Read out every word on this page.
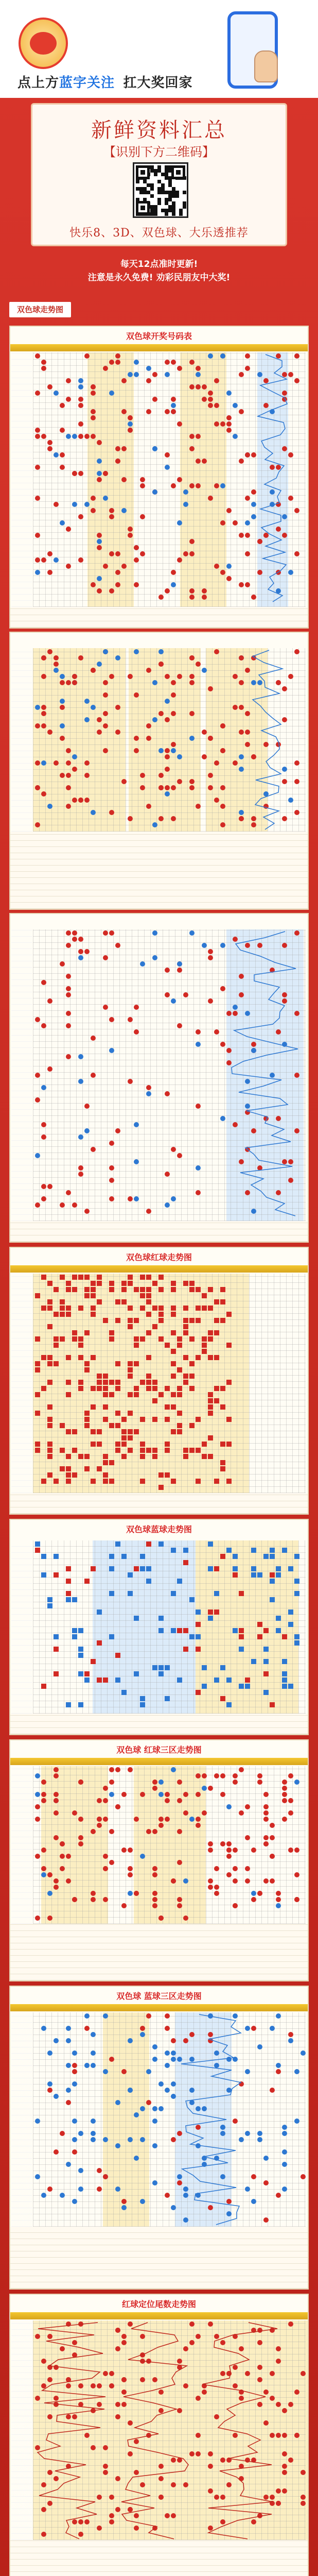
点上方蓝字关注 扛大奖回家
新鲜资料汇总
【识别下方二维码】
快乐8、3D、双色球、大乐透推荐
每天12点准时更新!
注意是永久免费! 劝彩民朋友中大奖!
双色球走势图
双色球开奖号码表
双色球红球走势图
双色球蓝球走势图
双色球 红球三区走势图
双色球 蓝球三区走势图
红球定位尾数走势图
